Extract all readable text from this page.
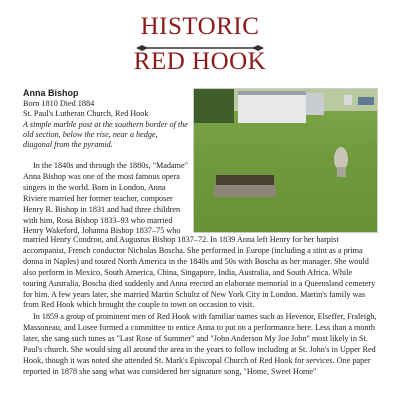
HISTORIC
RED HOOK
Anna Bishop
Born 1810 Died 1884
St. Paul's Lutheran Church, Red Hook
A simple marble post at the southern border of the old section, below the rise, near a hedge, diagonal from the pyramid.

In the 1840s and through the 1880s, "Madame" Anna Bishop was one of the most famous opera singers in the world. Born in London, Anna Riviere married her former teacher, composer Henry R. Bishop in 1831 and had three children with him, Rosa Bishop 1833–93 who married Henry Wakeford, Johanna Bishop 1837–75 who

married Henry Condron, and Augustus Bishop 1837–72. In 1839 Anna left Henry for her harpist accompanist, French conductor Nicholas Boscha. She performed in Europe (including a stint as a prima donna in Naples) and toured North America in the 1840s and 50s with Boscha as her manager. She would also perform in Mexico, South America, China, Singapore, India, Australia, and South Africa. While touring Australia, Boscha died suddenly and Anna erected an elaborate memorial in a Queensland cemetery for him. A few years later, she married Martin Schultz of New York City in London. Martin's family was from Red Hook which brought the couple to town on occasion to visit.

In 1859 a group of prominent men of Red Hook with familiar names such as Hevenor, Elseffer, Fraleigh, Massoneau, and Losee formed a committee to entice Anna to put on a performance here. Less than a month later, she sang such tunes as "Last Rose of Summer" and "John Anderson My Joe John" most likely in St. Paul's church. She would sing all around the area in the years to follow including at St. John's in Upper Red Hook, though it was noted she attended St. Mark's Episcopal Church of Red Hook for services. One paper reported in 1878 she sang what was considered her signature song, "Home, Sweet Home"
